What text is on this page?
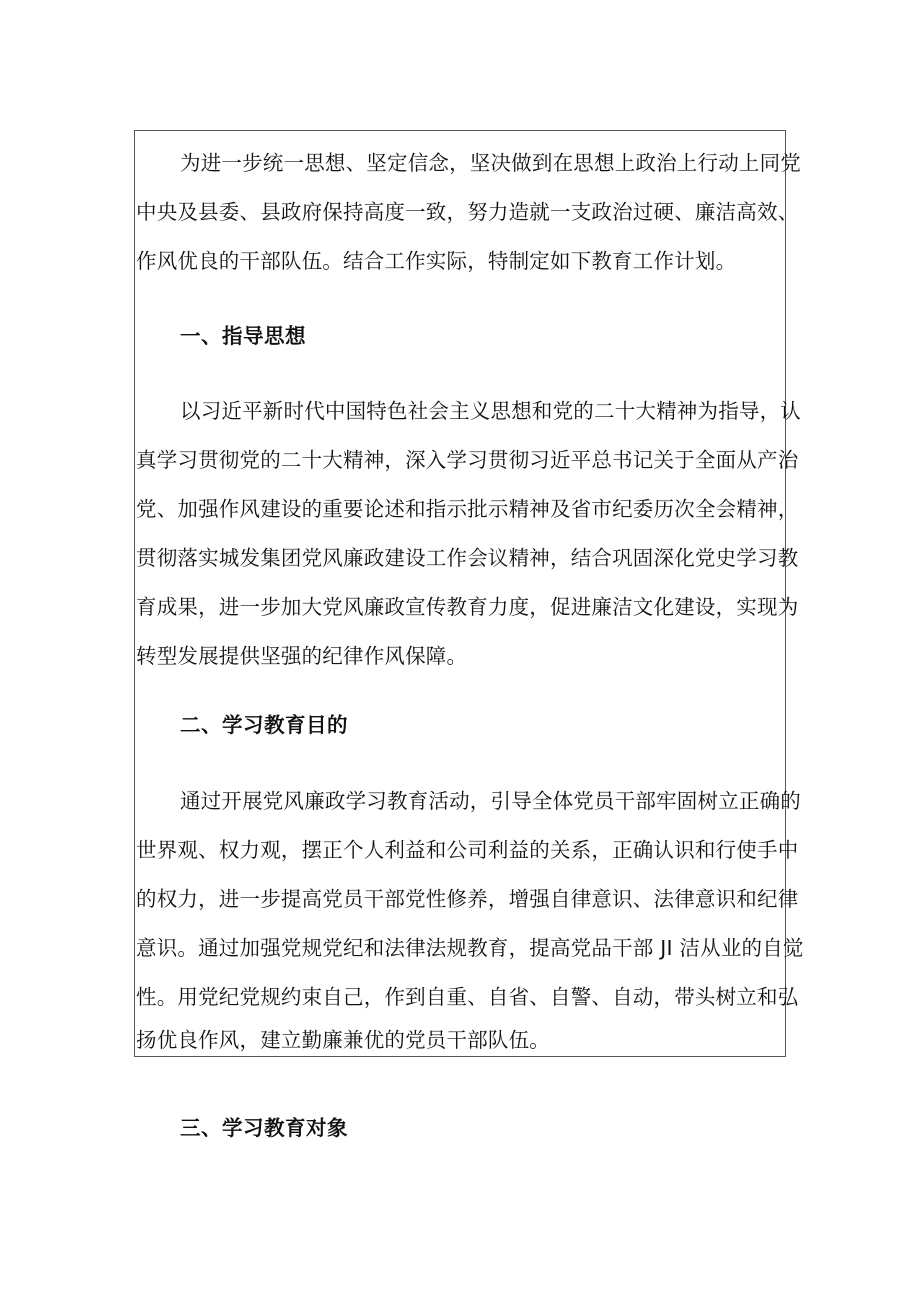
为进一步统一思想、坚定信念，坚决做到在思想上政治上行动上同党
中央及县委、县政府保持高度一致，努力造就一支政治过硬、廉洁高效、
作风优良的干部队伍。结合工作实际，特制定如下教育工作计划。
一、指导思想
以习近平新时代中国特色社会主义思想和党的二十大精神为指导，认
真学习贯彻党的二十大精神，深入学习贯彻习近平总书记关于全面从产治
党、加强作风建设的重要论述和指示批示精神及省市纪委历次全会精神，
贯彻落实城发集团党风廉政建设工作会议精神，结合巩固深化党史学习教
育成果，进一步加大党风廉政宣传教育力度，促进廉洁文化建设，实现为
转型发展提供坚强的纪律作风保障。
二、学习教育目的
通过开展党风廉政学习教育活动，引导全体党员干部牢固树立正确的
世界观、权力观，摆正个人利益和公司利益的关系，正确认识和行使手中
的权力，进一步提高党员干部党性修养，增强自律意识、法律意识和纪律
意识。通过加强党规党纪和法律法规教育，提高党品干部 JI 洁从业的自觉
性。用党纪党规约束自己，作到自重、自省、自警、自动，带头树立和弘
扬优良作风，建立勤廉兼优的党员干部队伍。
三、学习教育对象
